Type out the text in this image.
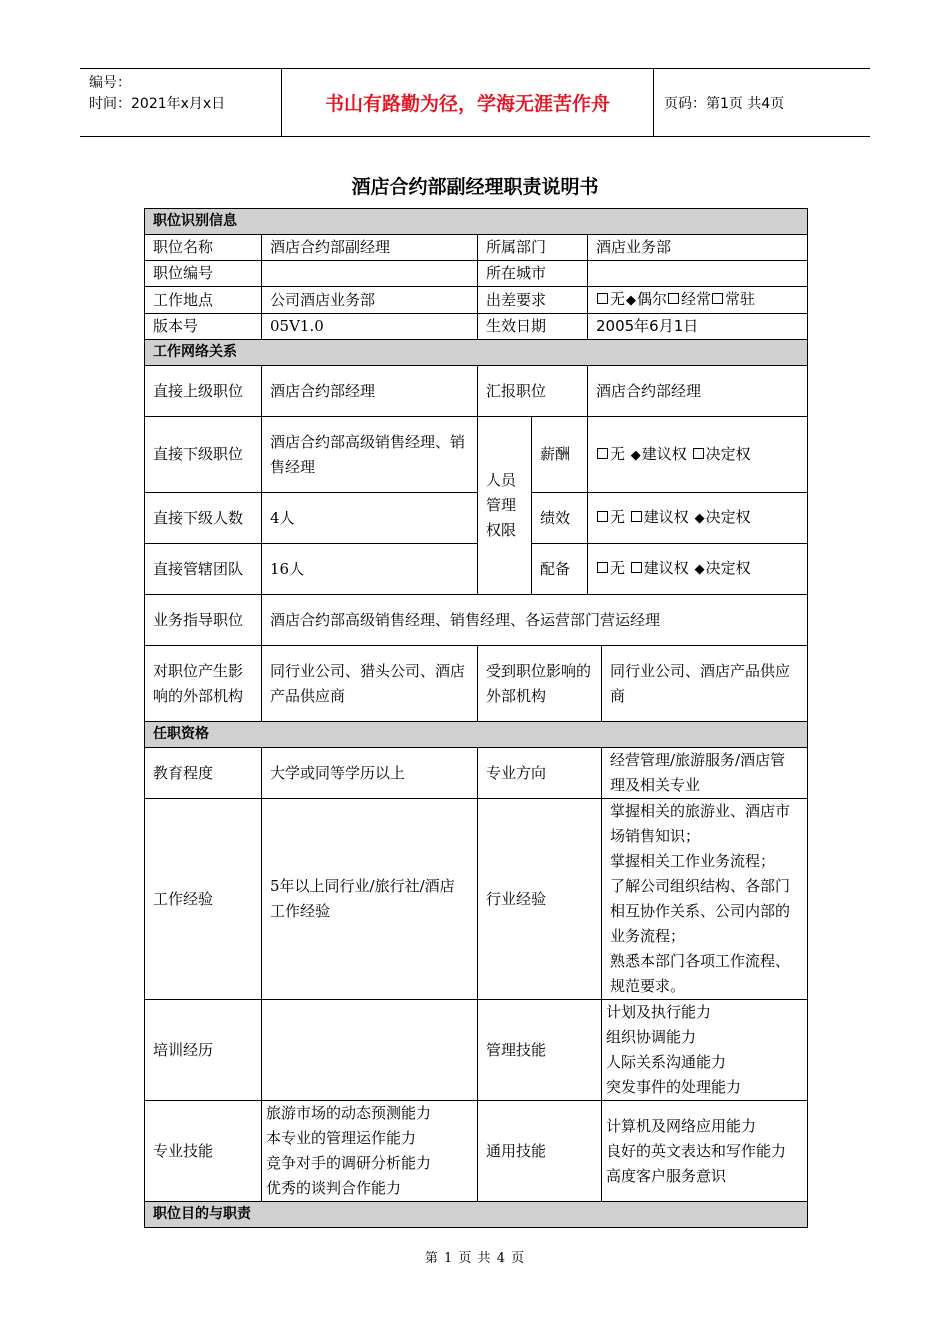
编号：
时间：2021年x月x日	书山有路勤为径，学海无涯苦作舟	页码：第1页 共4页
酒店合约部副经理职责说明书
职位识别信息					
职位名称	酒店合约部副经理	所属部门		酒店业务部	
职位编号		所在城市			
工作地点	公司酒店业务部	出差要求		无◆偶尔 经常 常驻	
版本号	05V1.0	生效日期		2005年6月1日	
工作网络关系					
直接上级职位	酒店合约部经理	汇报职位		酒店合约部经理	
直接下级职位	酒店合约部高级销售经理、销售经理	人员管理权限	薪酬	无 ◆建议权 决定权	
直接下级人数	4人		绩效	无 建议权 ◆决定权	
直接管辖团队	16人		配备	无 建议权 ◆决定权	
业务指导职位	酒店合约部高级销售经理、销售经理、各运营部门营运经理				
对职位产生影响的外部机构	同行业公司、猎头公司、酒店产品供应商	受到职位影响的外部机构			同行业公司、酒店产品供应商
任职资格					
教育程度	大学或同等学历以上	专业方向			经营管理/旅游服务/酒店管理及相关专业
工作经验	5年以上同行业/旅行社/酒店工作经验	行业经验			掌握相关的旅游业、酒店市场销售知识；
掌握相关工作业务流程；
了解公司组织结构、各部门相互协作关系、公司内部的业务流程；
熟悉本部门各项工作流程、规范要求。

培训经历		管理技能			计划及执行能力
组织协调能力
人际关系沟通能力
突发事件的处理能力

专业技能	旅游市场的动态预测能力
本专业的管理运作能力
竞争对手的调研分析能力
优秀的谈判合作能力	通用技能			计算机及网络应用能力
良好的英文表达和写作能力
高度客户服务意识

职位目的与职责					
第 1 页 共 4 页
